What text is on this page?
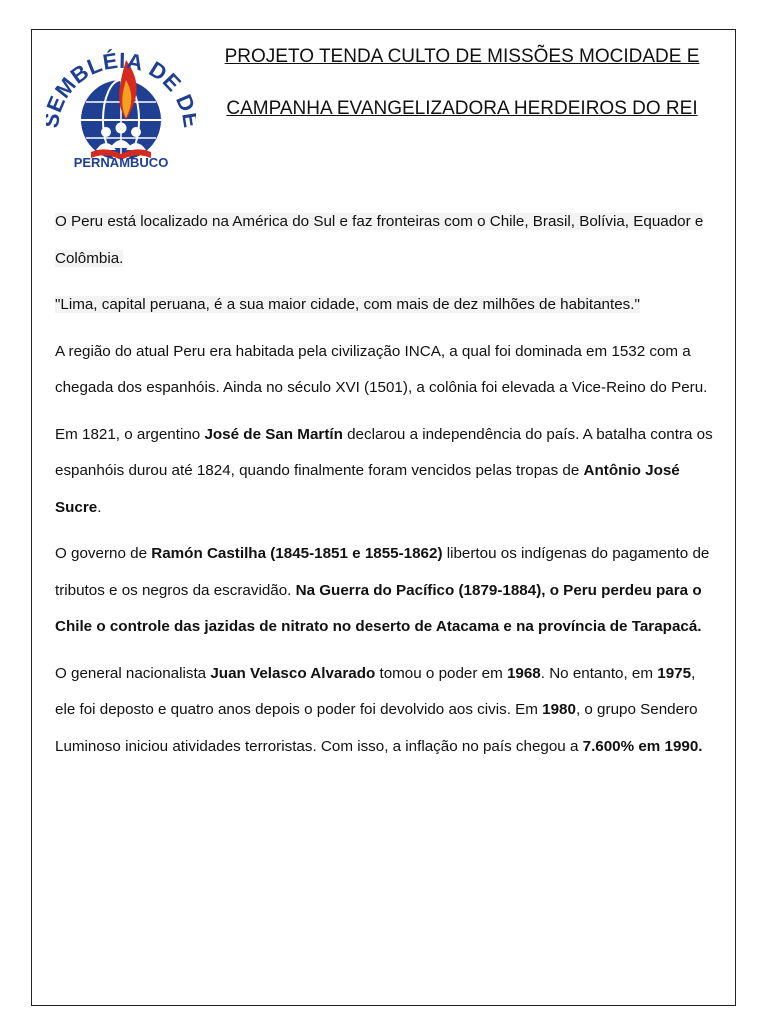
MBLÉIA DE
PERNAMBUCO
PROJETO TENDA CULTO DE MISSÕES MOCIDADE E
CAMPANHA EVANGELIZADORA HERDEIROS DO REI

O Peru está localizado na América do Sul e faz fronteiras com o Chile, Brasil, Bolívia, Equador e Colômbia.

"Lima, capital peruana, é a sua maior cidade, com mais de dez milhões de habitantes."

A região do atual Peru era habitada pela civilização INCA, a qual foi dominada em 1532 com a chegada dos espanhóis. Ainda no século XVI (1501), a colônia foi elevada a Vice-Reino do Peru.

Em 1821, o argentino José de San Martín declarou a independência do país. A batalha contra os espanhóis durou até 1824, quando finalmente foram vencidos pelas tropas de Antônio José Sucre.

O governo de Ramón Castilha (1845-1851 e 1855-1862) libertou os indígenas do pagamento de tributos e os negros da escravidão. Na Guerra do Pacífico (1879-1884), o Peru perdeu para o Chile o controle das jazidas de nitrato no deserto de Atacama e na província de Tarapacá.

O general nacionalista Juan Velasco Alvarado tomou o poder em 1968. No entanto, em 1975, ele foi deposto e quatro anos depois o poder foi devolvido aos civis. Em 1980, o grupo Sendero Luminoso iniciou atividades terroristas. Com isso, a inflação no país chegou a 7.600% em 1990.
